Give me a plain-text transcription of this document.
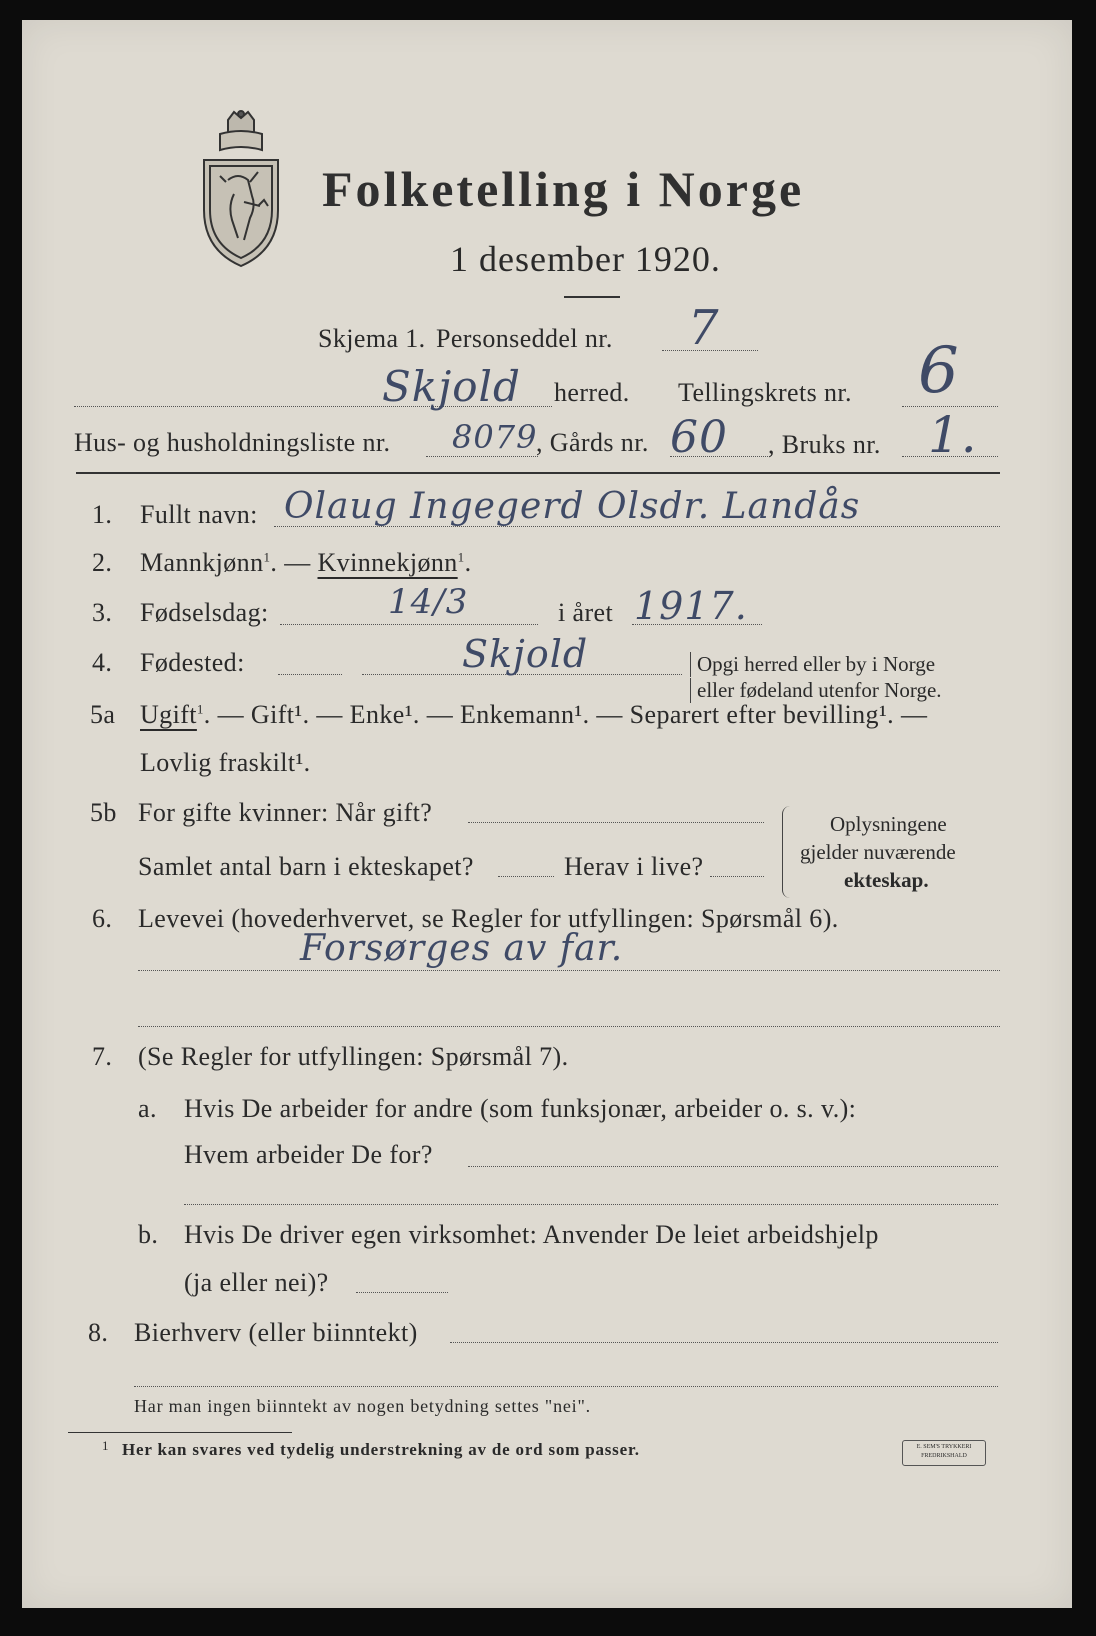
Folketelling i Norge
1 desember 1920.
Skjema 1. Personseddel nr. 7
Skjold herred. Tellingskrets nr. 6
Hus- og husholdningsliste nr. 8079
, Gårds nr. 60 , Bruks nr. 1.
1. Fullt navn: Olaug Ingegerd Olsdr. Landås
2. Mannkjønn$^1$. — Kvinnekjønn$^1$.
3. Fødselsdag:	14/3	i året 1917.
4. Fødested:	Skjold	Opgi herred eller by i Norge
eller fødeland utenfor Norge.
5a Ugift$^1$. — Gift¹. — Enke¹. — Enkemann¹. — Separert efter bevilling¹. —
Lovlig fraskilt¹.
5b For gifte kvinner: Når gift?
Samlet antal barn i ekteskapet?	Herav i live?
Oplysningene
gjelder nuværende
ekteskap.
6. Levevei (hovederhvervet, se Regler for utfyllingen: Spørsmål 6).
Forsørges av far.
7. (Se Regler for utfyllingen: Spørsmål 7).
a. Hvis De arbeider for andre (som funksjonær, arbeider o. s. v.):
Hvem arbeider De for?
b. Hvis De driver egen virksomhet: Anvender De leiet arbeidshjelp
(ja eller nei)?
8. Bierhverv (eller biinntekt)
Har man ingen biinntekt av nogen betydning settes "nei".
1 Her kan svares ved tydelig understrekning av de ord som passer.	E. SEM'S TRYKKERI
FREDRIKSHALD
